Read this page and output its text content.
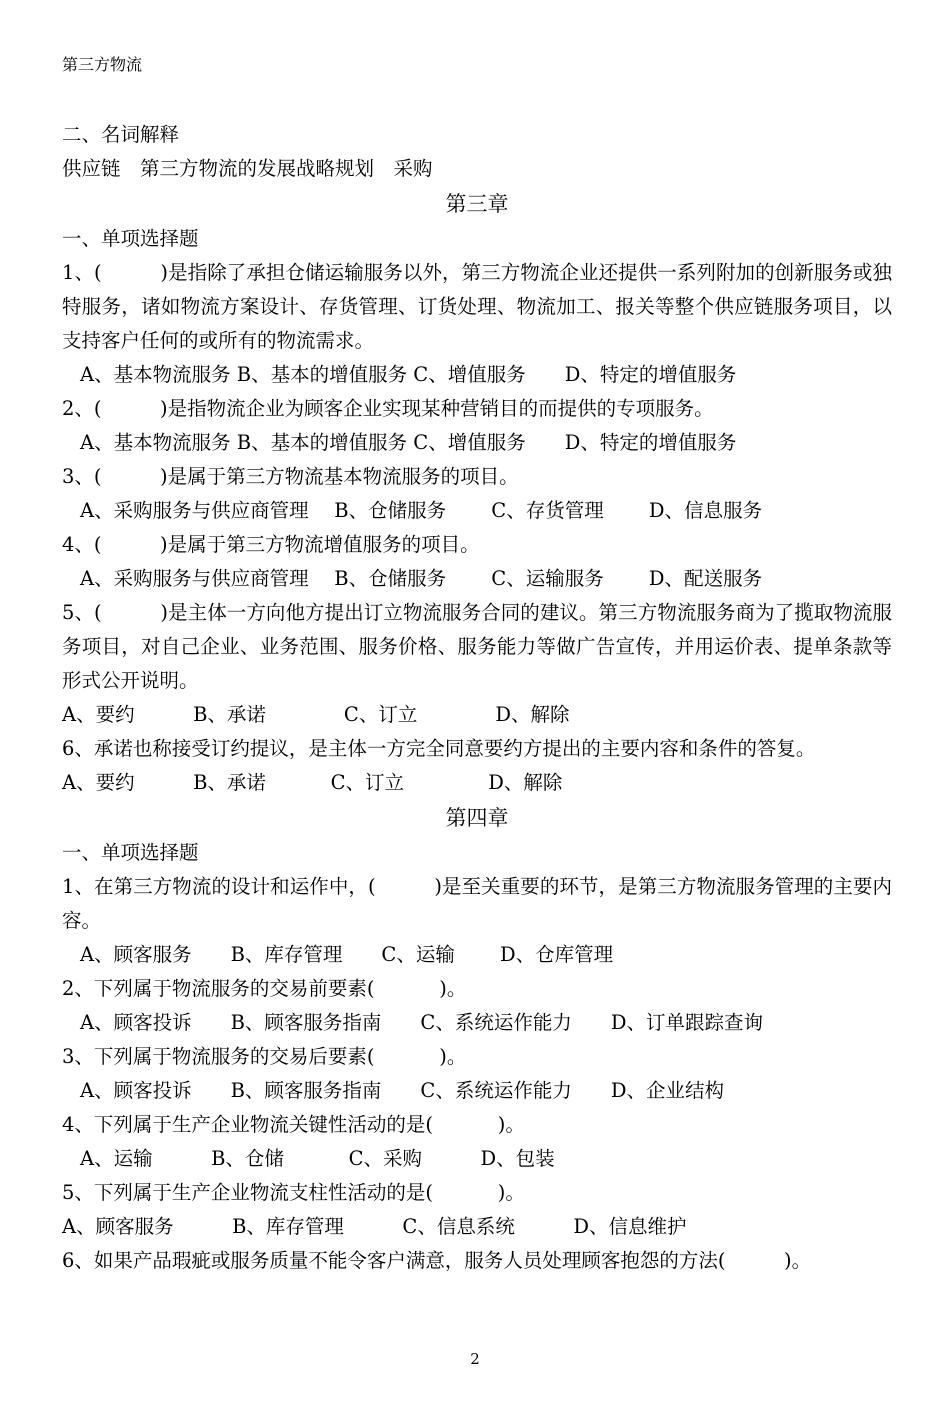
第三方物流
二、名词解释
供应链　第三方物流的发展战略规划　采购
第三章
一、单项选择题
1、(　　　)是指除了承担仓储运输服务以外，第三方物流企业还提供一系列附加的创新服务或独特服务，诸如物流方案设计、存货管理、订货处理、物流加工、报关等整个供应链服务项目，以支持客户任何的或所有的物流需求。
A、基本物流服务 B、基本的增值服务 C、增值服务　　D、特定的增值服务
2、(　　　)是指物流企业为顾客企业实现某种营销目的而提供的专项服务。
A、基本物流服务 B、基本的增值服务 C、增值服务　　D、特定的增值服务
3、(　　　)是属于第三方物流基本物流服务的项目。
A、采购服务与供应商管理　 B、仓储服务　　 C、存货管理　　 D、信息服务
4、(　　　)是属于第三方物流增值服务的项目。
A、采购服务与供应商管理　 B、仓储服务　　 C、运输服务　　 D、配送服务
5、(　　　)是主体一方向他方提出订立物流服务合同的建议。第三方物流服务商为了揽取物流服务项目，对自己企业、业务范围、服务价格、服务能力等做广告宣传，并用运价表、提单条款等形式公开说明。
A、要约　　　B、承诺　　　　C、订立　　　　D、解除
6、承诺也称接受订约提议，是主体一方完全同意要约方提出的主要内容和条件的答复。
A、要约　　　B、承诺　　　 C、订立　　　　 D、解除
第四章
一、单项选择题
1、在第三方物流的设计和运作中，(　　　)是至关重要的环节，是第三方物流服务管理的主要内容。
A、顾客服务　　B、库存管理　　C、运输　　 D、仓库管理
2、下列属于物流服务的交易前要素(　　　 )。
A、顾客投诉　　B、顾客服务指南　　C、系统运作能力　　D、订单跟踪查询
3、下列属于物流服务的交易后要素(　　　 )。
A、顾客投诉　　B、顾客服务指南　　C、系统运作能力　　D、企业结构
4、下列属于生产企业物流关键性活动的是(　　　 )。
A、运输　　　B、仓储　　　 C、采购　　　D、包装
5、下列属于生产企业物流支柱性活动的是(　　　 )。
A、顾客服务　　　B、库存管理　　　C、信息系统　　　D、信息维护
6、如果产品瑕疵或服务质量不能令客户满意，服务人员处理顾客抱怨的方法(　　　)。
2
